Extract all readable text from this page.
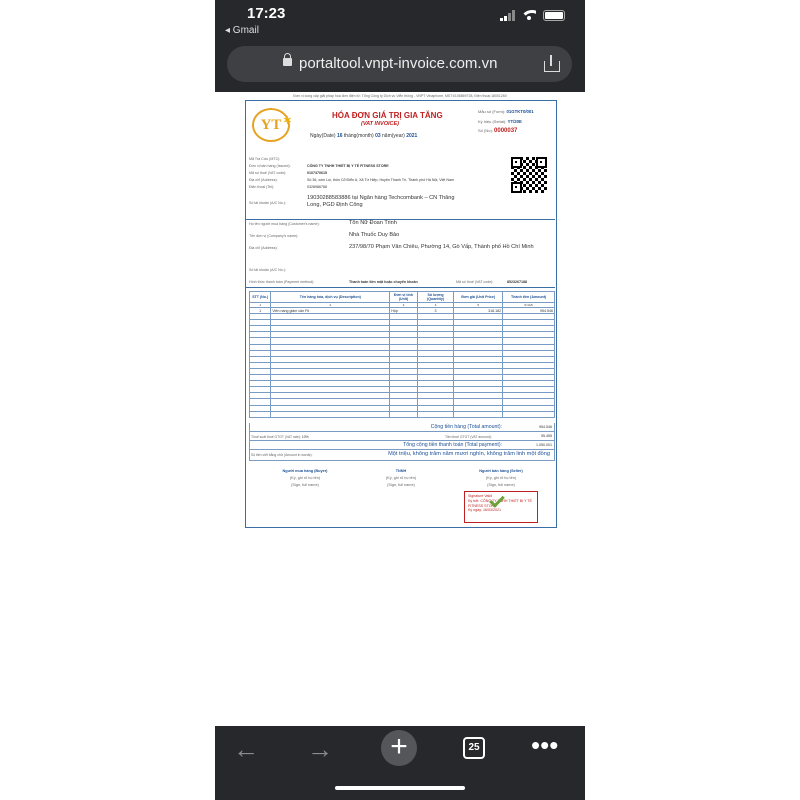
17:23
◂ Gmail
portaltool.vnpt-invoice.com.vn
Đơn vị cung cấp giải pháp hóa đơn điện tử: Tổng Công ty Dịch vụ Viễn thông - VNPT Vinaphone, MST:0106869738, Điện thoại:18001260
YT ✶
HÓA ĐƠN GIÁ TRỊ GIA TĂNG
(VAT INVOICE)
Ngày(Date) 16 tháng(month) 03 năm(year) 2021
Mẫu số (Form): 01GTKT0/001
Ký hiệu (Serial): YT/20E
Số (No): 0000037
Mã Tra Cứu (MTC):
Đơn vị bán hàng (Issued):	CÔNG TY TNHH THIẾT BỊ Y TẾ FITNESS STORE
Mã số thuế (VAT code):	0107370615
Địa chỉ (Address):	Số 36, xóm Lụi, thôn Cổ Điển A, Xã Tứ Hiệp, Huyện Thanh Trì, Thành phố Hà Nội, Việt Nam
Điện thoại (Tel):	0328986768
Số tài khoản (A/C No.):
19030288583886 tại Ngân hàng Techcombank – CN Thăng Long, PGD Định Công
Họ tên người mua hàng (Customer's name):	Tôn Nữ Đoan Trinh
Tên đơn vị (Company's name):	Nhà Thuốc Duy Bảo
Địa chỉ (Address):	237/98/70 Phạm Văn Chiêu, Phường 14, Gò Vấp, Thành phố Hồ Chí Minh
Số tài khoản (A/C No.):
Hình thức thanh toán (Payment method):	Thanh toán tiền mặt hoặc chuyển khoản	Mã số thuế (VAT code):	8523267188
STT (No.)	Tên hàng hóa, dịch vụ (Description)	Đơn vị tính (Unit)	Số lượng (Quantity)	Đơn giá (Unit Price)	Thành tiền (Amount)
1	2	3	4	5	6=4x5
1	Viên nang giảm cân Fit	Hộp	3	318.182	954.546

Cộng tiền hàng (Total amount):	954.546
Thuế suất thuế GTGT (VAT rate): 10%	Tiền thuế GTGT (VAT amount):	95.455
Tổng cộng tiền thanh toán (Total payment):	1.050.001
Số tiền viết bằng chữ (Amount in words):	Một triệu, không trăm năm mươi nghìn, không trăm linh một đồng
Người mua hàng (Buyer)
(Ký, ghi rõ họ tên)
(Sign, full name)
TNNH
(Ký, ghi rõ họ tên)
(Sign, full name)
Người bán hàng (Seller)
(Ký, ghi rõ họ tên)
(Sign, full name)
Signature Valid
Ký bởi: CÔNG TY TNHH THIẾT BỊ Y TẾ FITNESS STORE
Ký ngày: 16/03/2021
← →	+	25 •••
